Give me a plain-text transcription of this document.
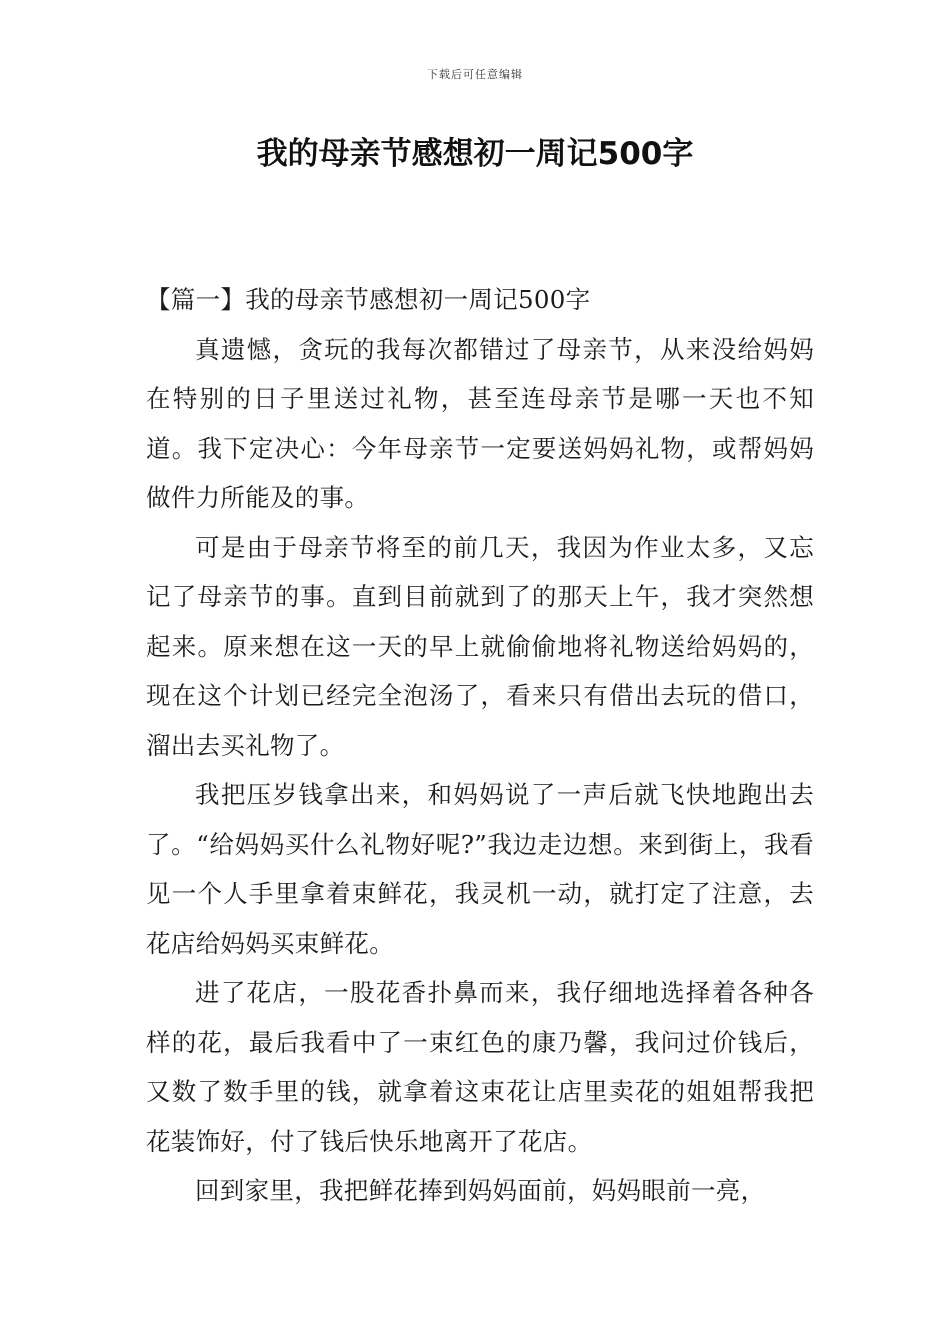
下载后可任意编辑
我的母亲节感想初一周记500字

【篇一】我的母亲节感想初一周记500字

真遗憾，贪玩的我每次都错过了母亲节，从来没给妈妈在特别的日子里送过礼物，甚至连母亲节是哪一天也不知道。我下定决心：今年母亲节一定要送妈妈礼物，或帮妈妈做件力所能及的事。

可是由于母亲节将至的前几天，我因为作业太多，又忘记了母亲节的事。直到目前就到了的那天上午，我才突然想起来。原来想在这一天的早上就偷偷地将礼物送给妈妈的，现在这个计划已经完全泡汤了，看来只有借出去玩的借口，溜出去买礼物了。

我把压岁钱拿出来，和妈妈说了一声后就飞快地跑出去了。“给妈妈买什么礼物好呢?”我边走边想。来到街上，我看见一个人手里拿着束鲜花，我灵机一动，就打定了注意，去花店给妈妈买束鲜花。

进了花店，一股花香扑鼻而来，我仔细地选择着各种各样的花，最后我看中了一束红色的康乃馨，我问过价钱后，又数了数手里的钱，就拿着这束花让店里卖花的姐姐帮我把花装饰好，付了钱后快乐地离开了花店。

回到家里，我把鲜花捧到妈妈面前，妈妈眼前一亮，
